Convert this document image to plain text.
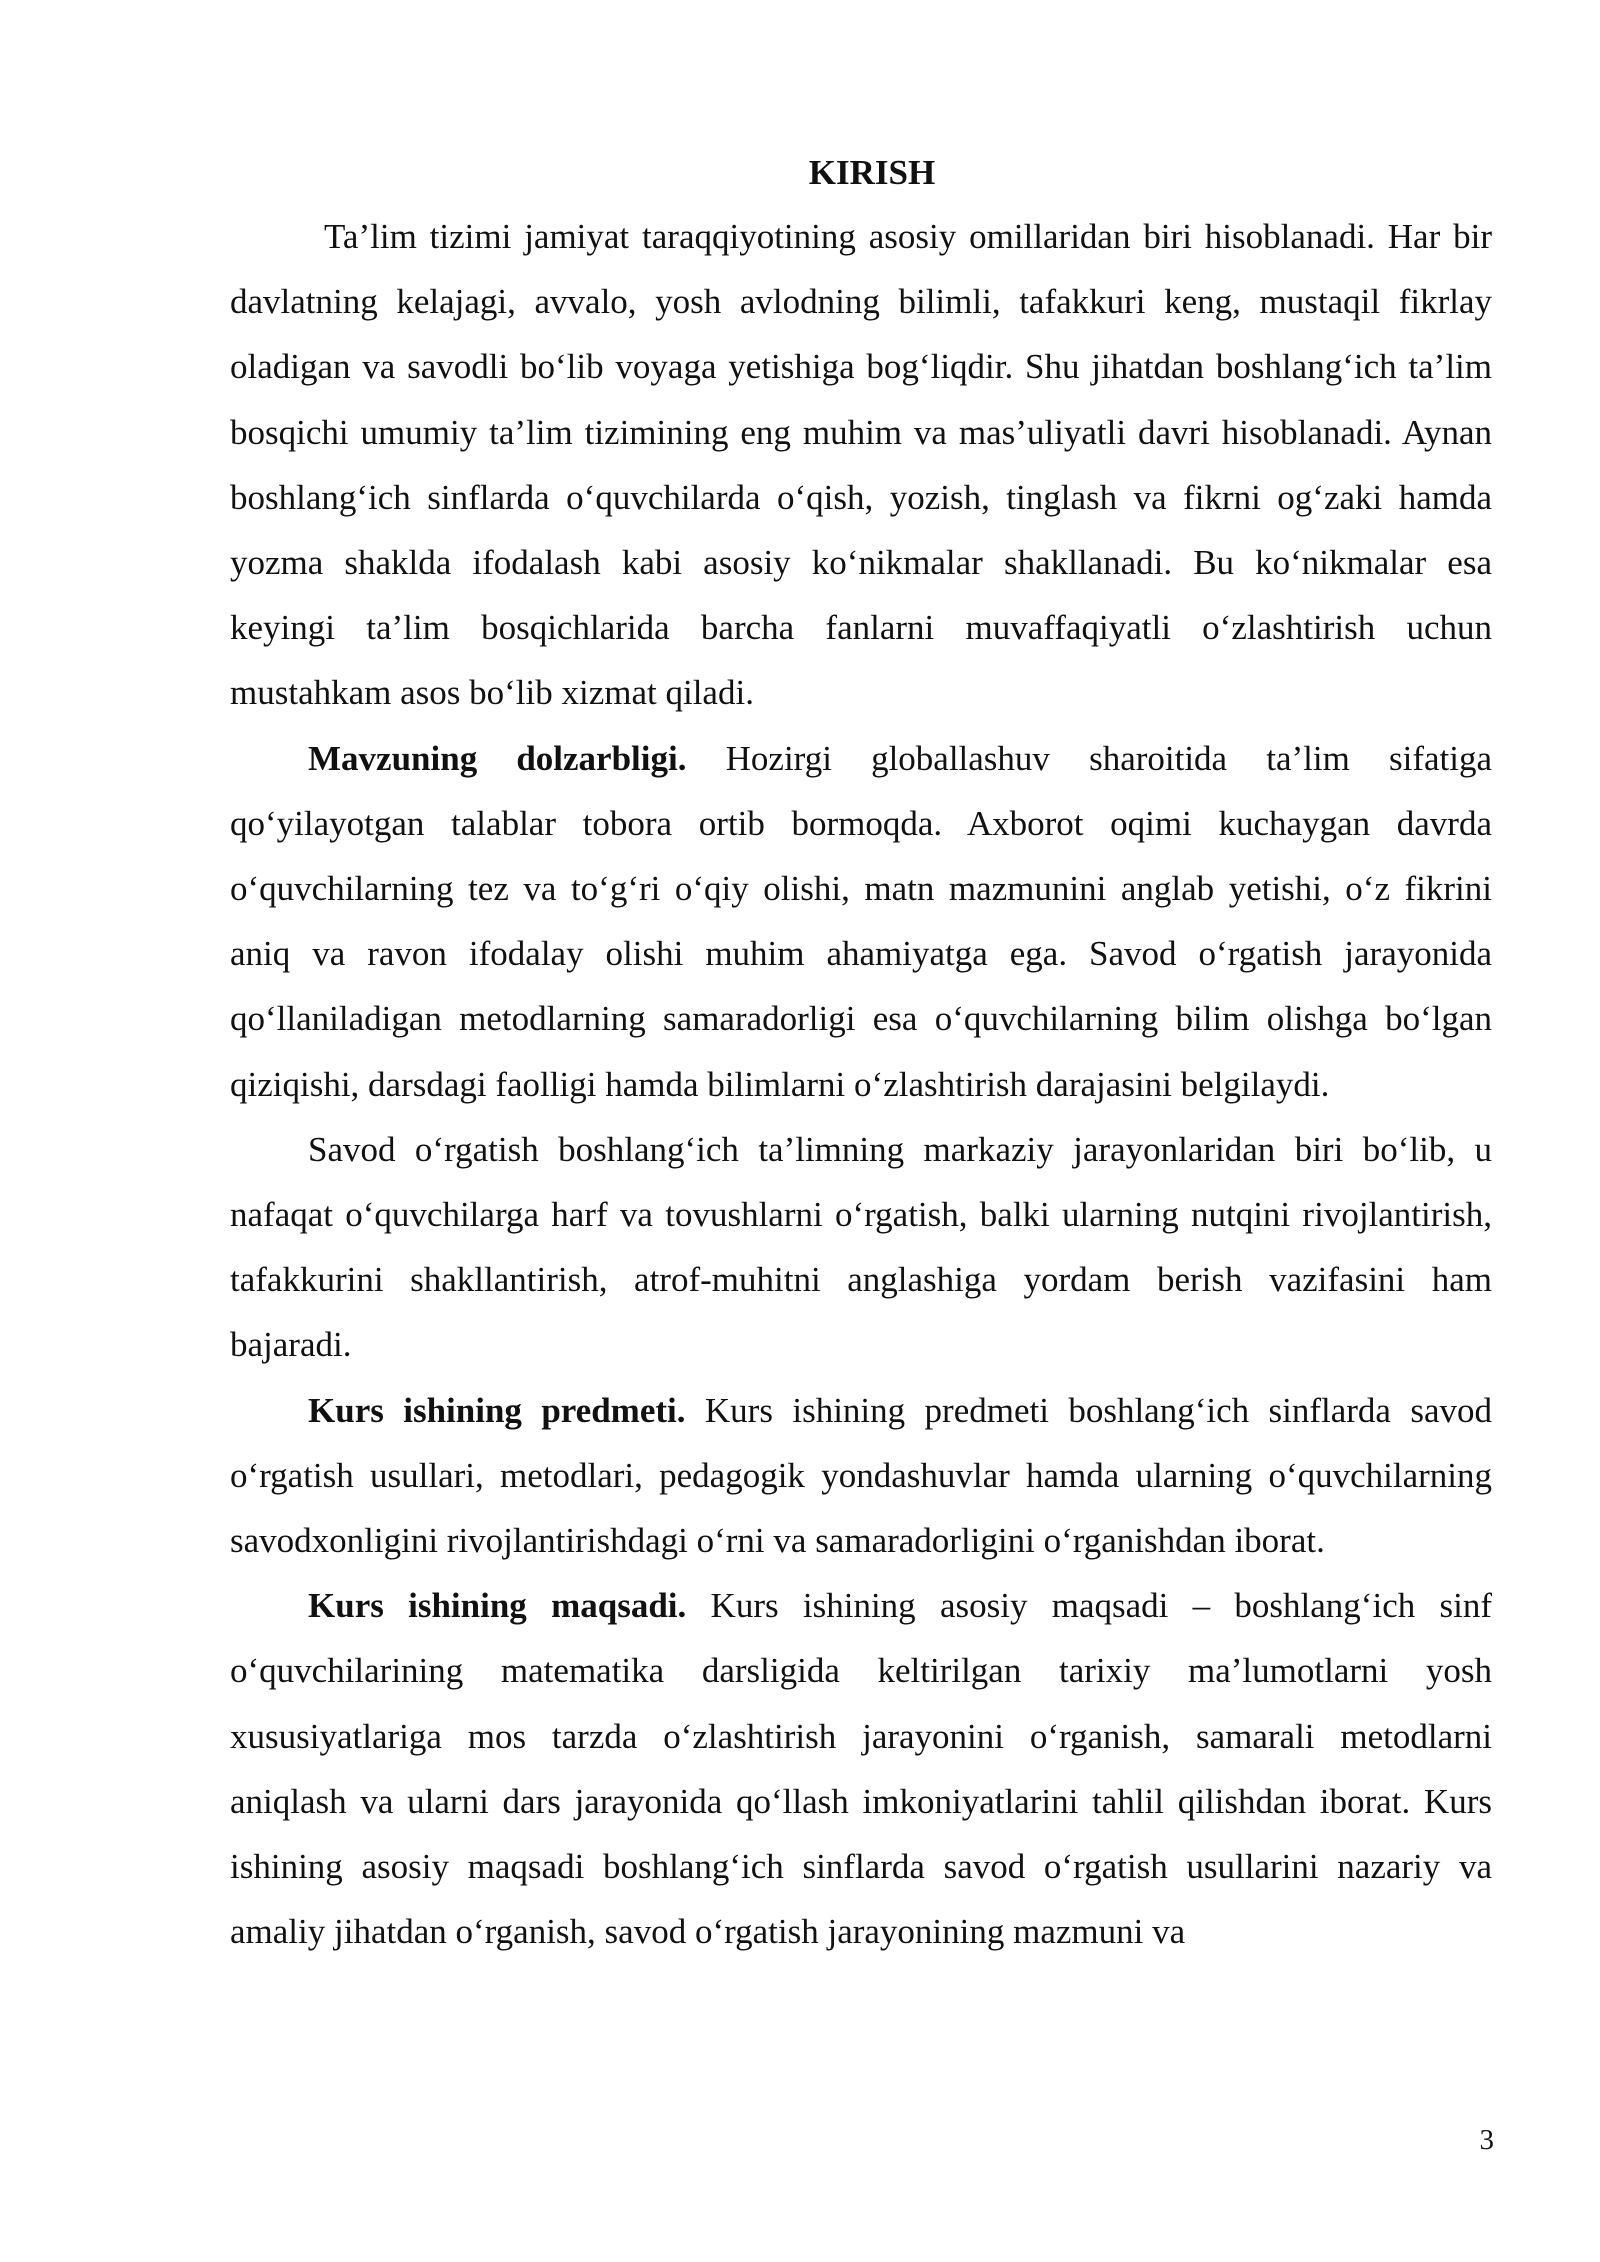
KIRISH

Ta’lim tizimi jamiyat taraqqiyotining asosiy omillaridan biri hisoblanadi. Har bir davlatning kelajagi, avvalo, yosh avlodning bilimli, tafakkuri keng, mustaqil fikrlay oladigan va savodli bo‘lib voyaga yetishiga bog‘liqdir. Shu jihatdan boshlang‘ich ta’lim bosqichi umumiy ta’lim tizimining eng muhim va mas’uliyatli davri hisoblanadi. Aynan boshlang‘ich sinflarda o‘quvchilarda o‘qish, yozish, tinglash va fikrni og‘zaki hamda yozma shaklda ifodalash kabi asosiy ko‘nikmalar shakllanadi. Bu ko‘nikmalar esa keyingi ta’lim bosqichlarida barcha fanlarni muvaffaqiyatli o‘zlashtirish uchun mustahkam asos bo‘lib xizmat qiladi.

Mavzuning dolzarbligi. Hozirgi globallashuv sharoitida ta’lim sifatiga qo‘yilayotgan talablar tobora ortib bormoqda. Axborot oqimi kuchaygan davrda o‘quvchilarning tez va to‘g‘ri o‘qiy olishi, matn mazmunini anglab yetishi, o‘z fikrini aniq va ravon ifodalay olishi muhim ahamiyatga ega. Savod o‘rgatish jarayonida qo‘llaniladigan metodlarning samaradorligi esa o‘quvchilarning bilim olishga bo‘lgan qiziqishi, darsdagi faolligi hamda bilimlarni o‘zlashtirish darajasini belgilaydi.

Savod o‘rgatish boshlang‘ich ta’limning markaziy jarayonlaridan biri bo‘lib, u nafaqat o‘quvchilarga harf va tovushlarni o‘rgatish, balki ularning nutqini rivojlantirish, tafakkurini shakllantirish, atrof-muhitni anglashiga yordam berish vazifasini ham bajaradi.

Kurs ishining predmeti. Kurs ishining predmeti boshlang‘ich sinflarda savod o‘rgatish usullari, metodlari, pedagogik yondashuvlar hamda ularning o‘quvchilarning savodxonligini rivojlantirishdagi o‘rni va samaradorligini o‘rganishdan iborat.

Kurs ishining maqsadi. Kurs ishining asosiy maqsadi – boshlang‘ich sinf o‘quvchilarining matematika darsligida keltirilgan tarixiy ma’lumotlarni yosh xususiyatlariga mos tarzda o‘zlashtirish jarayonini o‘rganish, samarali metodlarni aniqlash va ularni dars jarayonida qo‘llash imkoniyatlarini tahlil qilishdan iborat. Kurs ishining asosiy maqsadi boshlang‘ich sinflarda savod o‘rgatish usullarini nazariy va amaliy jihatdan o‘rganish, savod o‘rgatish jarayonining mazmuni va

3
